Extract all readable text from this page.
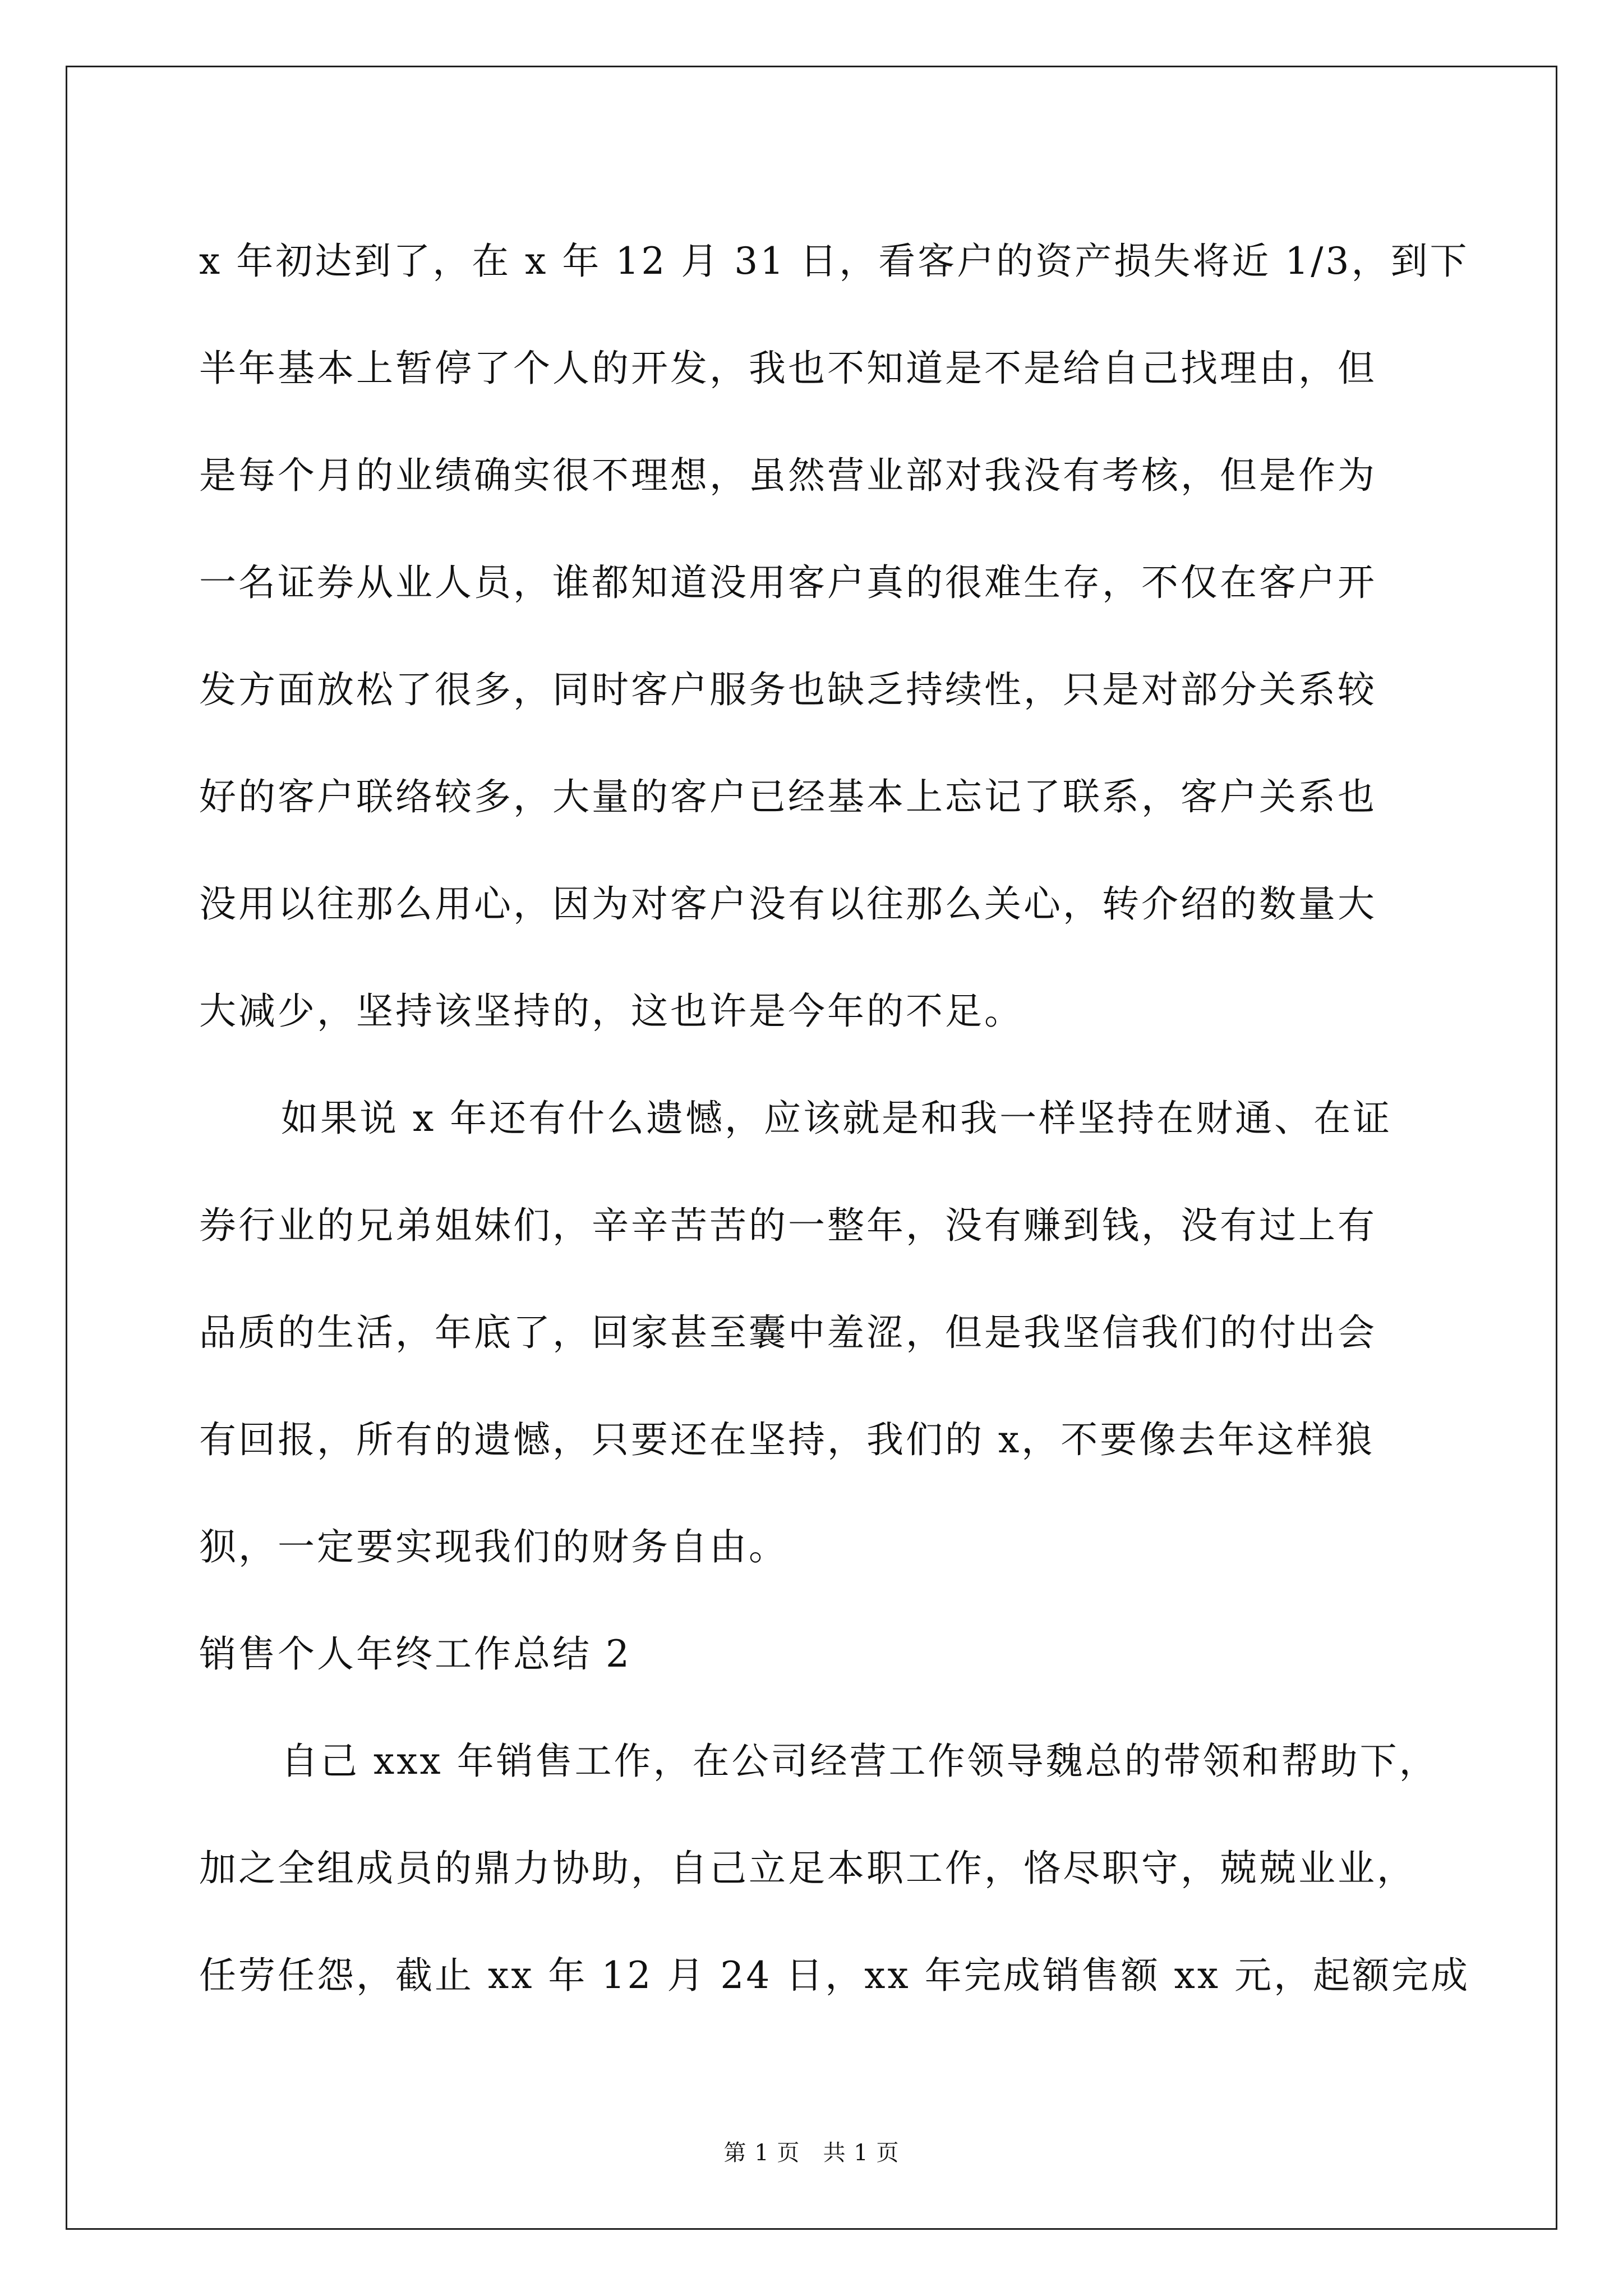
x 年初达到了，在 x 年 12 月 31 日，看客户的资产损失将近 1/3，到下
半年基本上暂停了个人的开发，我也不知道是不是给自己找理由，但
是每个月的业绩确实很不理想，虽然营业部对我没有考核，但是作为
一名证券从业人员，谁都知道没用客户真的很难生存，不仅在客户开
发方面放松了很多，同时客户服务也缺乏持续性，只是对部分关系较
好的客户联络较多，大量的客户已经基本上忘记了联系，客户关系也
没用以往那么用心，因为对客户没有以往那么关心，转介绍的数量大
大减少，坚持该坚持的，这也许是今年的不足。
如果说 x 年还有什么遗憾，应该就是和我一样坚持在财通、在证
券行业的兄弟姐妹们，辛辛苦苦的一整年，没有赚到钱，没有过上有
品质的生活，年底了，回家甚至囊中羞涩，但是我坚信我们的付出会
有回报，所有的遗憾，只要还在坚持，我们的 x，不要像去年这样狼
狈，一定要实现我们的财务自由。
销售个人年终工作总结 2
自己 xxx 年销售工作，在公司经营工作领导魏总的带领和帮助下，
加之全组成员的鼎力协助，自己立足本职工作，恪尽职守，兢兢业业，
任劳任怨，截止 xx 年 12 月 24 日，xx 年完成销售额 xx 元，起额完成
第 1 页   共 1 页
